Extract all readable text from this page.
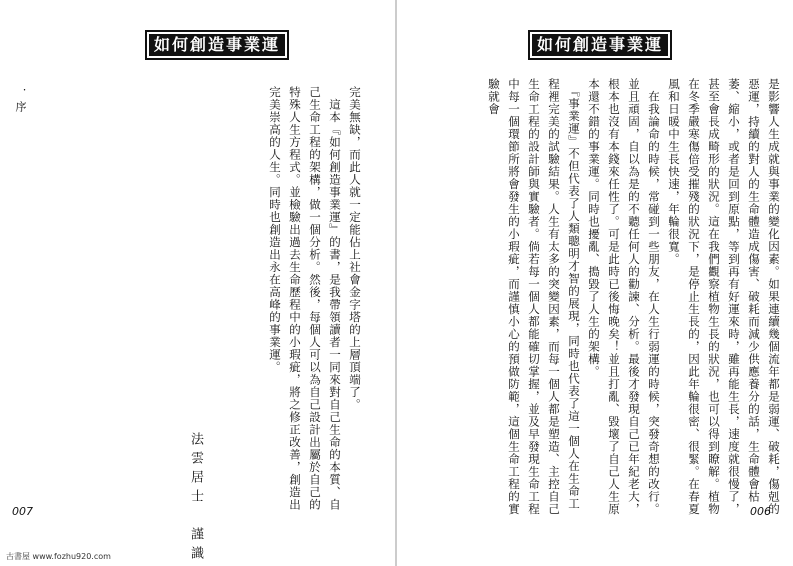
如何創造事業運
．序	完美無缺，而此人就一定能佔上社會金字塔的上層頂端了。
　這本『如何創造事業運』的書，是我帶領讀者一同來對自己生命的本質、自己生命工程的架構，做一個分析。然後，每個人可以為自己設計出屬於自己的特殊人生方程式。並檢驗出過去生命歷程中的小瑕疵，將之修正改善，創造出完美崇高的人生。同時也創造出永在高峰的事業運。
法雲居士　謹識
007
如何創造事業運
是影響人生成就與事業的變化因素。如果連續幾個流年都是弱運、破耗，傷剋的惡運，持續的對人的生命體造成傷害、破耗而減少供應養分的話，生命體會枯萎、縮小，或者是回到原點，等到再有好運來時，雖再能生長，速度就很慢了，甚至會長成畸形的狀況。這在我們觀察植物生長的狀況，也可以得到瞭解。植物在冬季嚴寒傷倍受摧殘的狀況下，是停止生長的，因此年輪很密、很緊。在春夏風和日暖中生長快速，年輪很寬。
　在我論命的時候，常碰到一些朋友，在人生行弱運的時候，突發奇想的改行。並且頑固，自以為是的不聽任何人的勸諫、分析。最後才發現自己已年紀老大，根本也沒有本錢來任性了。可是此時已後悔晚矣！並且打亂、毀壞了自己人生原本還不錯的事業運。同時也擾亂、搗毀了人生的架構。
　『事業運』不但代表了人類聰明才智的展現，同時也代表了這一個人在生命工程裡完美的試驗結果。人生有太多的突變因素，而每一個人都是塑造、主控自己生命工程的設計師與實驗者。倘若每一個人都能確切掌握，並及早發現生命工程中每一個環節所將會發生的小瑕疵，而謹慎小心的預做防範，這個生命工程的實驗就會
006
古書屋 www.fozhu920.com
